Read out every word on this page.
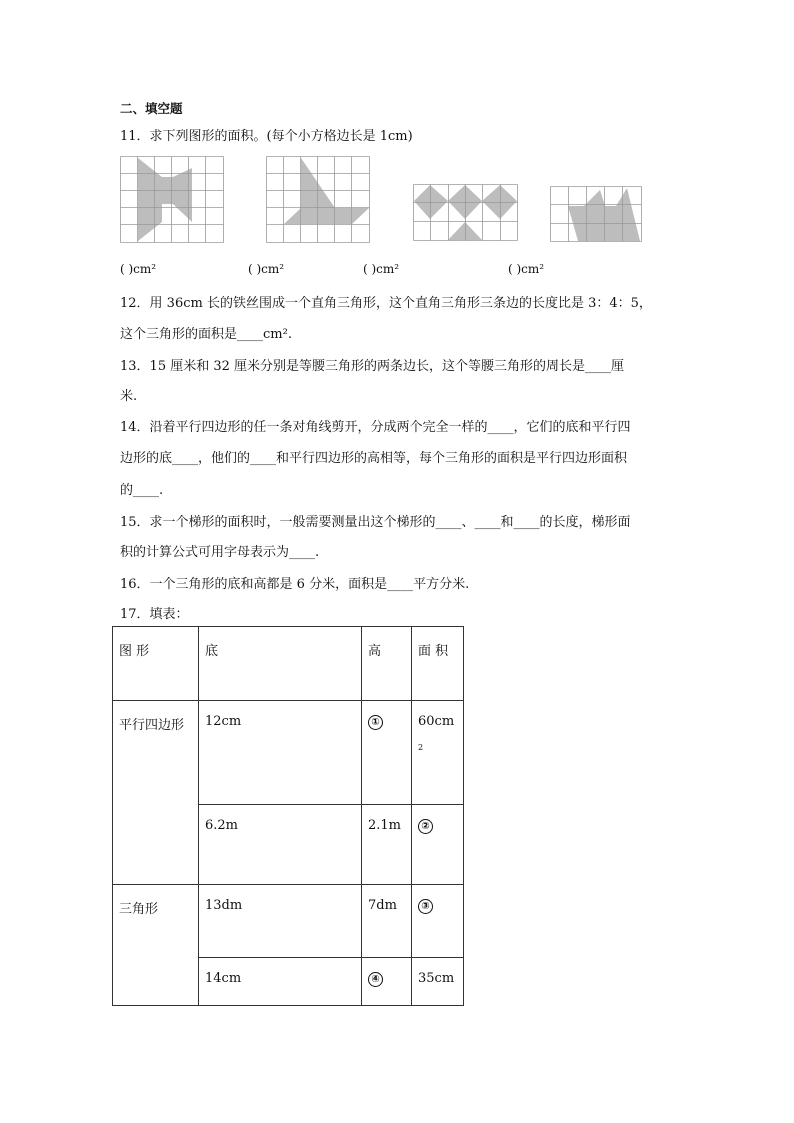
二、填空题
11．求下列图形的面积。(每个小方格边长是 1cm)
( )cm²	( )cm²	( )cm²	( )cm²
12．用 36cm 长的铁丝围成一个直角三角形，这个直角三角形三条边的长度比是 3：4：5，
这个三角形的面积是____cm².
13．15 厘米和 32 厘米分别是等腰三角形的两条边长，这个等腰三角形的周长是____厘
米.
14．沿着平行四边形的任一条对角线剪开，分成两个完全一样的____，它们的底和平行四
边形的底____，他们的____和平行四边形的高相等，每个三角形的面积是平行四边形面积
的____.
15．求一个梯形的面积时，一般需要测量出这个梯形的____、____和____的长度，梯形面
积的计算公式可用字母表示为____.
16．一个三角形的底和高都是 6 分米，面积是____平方分米.
17．填表：
图 形	底	高	面 积
平行四边形	12cm	①	60cm
2

	6.2m	2.1m	②
三角形	13dm	7dm	③
	14cm	④	35cm
